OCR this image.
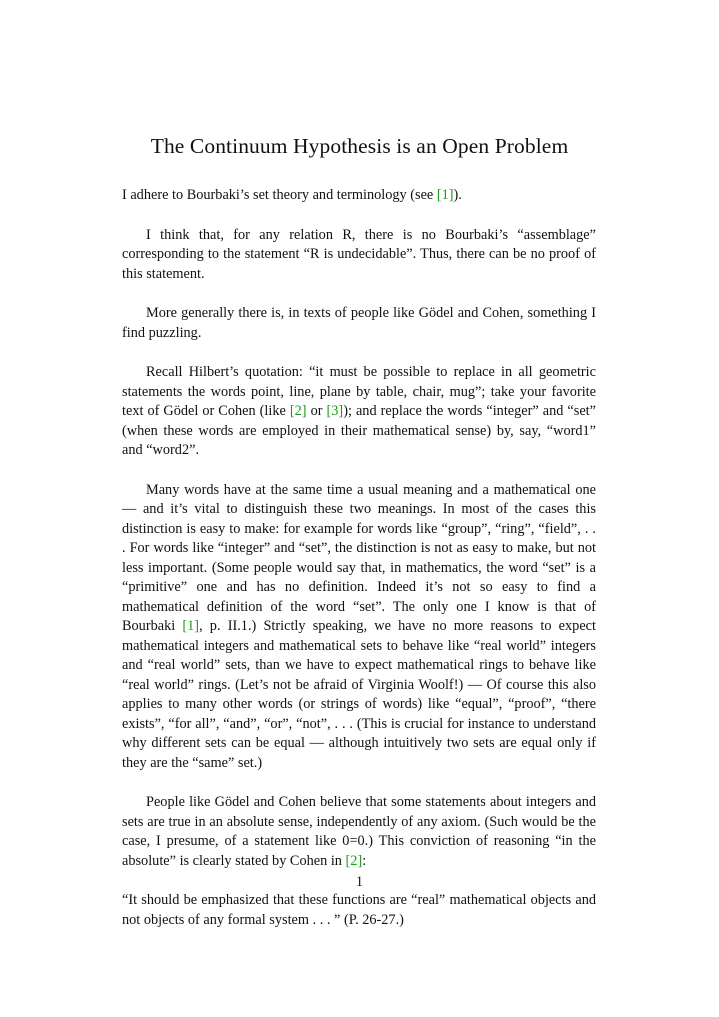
The Continuum Hypothesis is an Open Problem

I adhere to Bourbaki’s set theory and terminology (see [1]).

I think that, for any relation R, there is no Bourbaki’s “assemblage” corresponding to the statement “R is undecidable”. Thus, there can be no proof of this statement.

More generally there is, in texts of people like Gödel and Cohen, something I find puzzling.

Recall Hilbert’s quotation: “it must be possible to replace in all geometric statements the words point, line, plane by table, chair, mug”; take your favorite text of Gödel or Cohen (like [2] or [3]); and replace the words “integer” and “set” (when these words are employed in their mathematical sense) by, say, “word1” and “word2”.

Many words have at the same time a usual meaning and a mathematical one — and it’s vital to distinguish these two meanings. In most of the cases this distinction is easy to make: for example for words like “group”, “ring”, “field”, . . . For words like “integer” and “set”, the distinction is not as easy to make, but not less important. (Some people would say that, in mathematics, the word “set” is a “primitive” one and has no definition. Indeed it’s not so easy to find a mathematical definition of the word “set”. The only one I know is that of Bourbaki [1], p. II.1.) Strictly speaking, we have no more reasons to expect mathematical integers and mathematical sets to behave like “real world” integers and “real world” sets, than we have to expect mathematical rings to behave like “real world” rings. (Let’s not be afraid of Virginia Woolf!) — Of course this also applies to many other words (or strings of words) like “equal”, “proof”, “there exists”, “for all”, “and”, “or”, “not”, . . . (This is crucial for instance to understand why different sets can be equal — although intuitively two sets are equal only if they are the “same” set.)

People like Gödel and Cohen believe that some statements about integers and sets are true in an absolute sense, independently of any axiom. (Such would be the case, I presume, of a statement like 0=0.) This conviction of reasoning “in the absolute” is clearly stated by Cohen in [2]:

“It should be emphasized that these functions are “real” mathematical objects and not objects of any formal system . . . ” (P. 26-27.)

1
